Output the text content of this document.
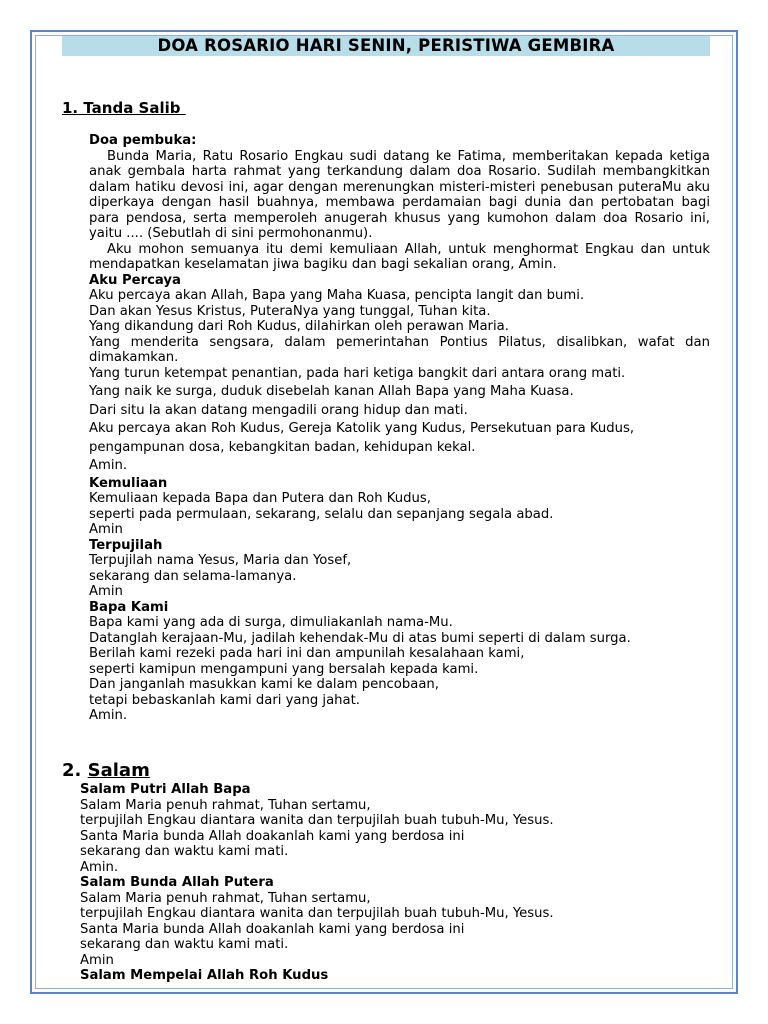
DOA ROSARIO HARI SENIN, PERISTIWA GEMBIRA
1. Tanda Salib
Doa pembuka:
Bunda Maria, Ratu Rosario Engkau sudi datang ke Fatima, memberitakan kepada ketiga anak gembala harta rahmat yang terkandung dalam doa Rosario. Sudilah membangkitkan dalam hatiku devosi ini, agar dengan merenungkan misteri-misteri penebusan puteraMu aku diperkaya dengan hasil buahnya, membawa perdamaian bagi dunia dan pertobatan bagi para pendosa, serta memperoleh anugerah khusus yang kumohon dalam doa Rosario ini, yaitu .... (Sebutlah di sini permohonanmu).
Aku mohon semuanya itu demi kemuliaan Allah, untuk menghormat Engkau dan untuk mendapatkan keselamatan jiwa bagiku dan bagi sekalian orang, Amin.
Aku Percaya
Aku percaya akan Allah, Bapa yang Maha Kuasa, pencipta langit dan bumi.
Dan akan Yesus Kristus, PuteraNya yang tunggal, Tuhan kita.
Yang dikandung dari Roh Kudus, dilahirkan oleh perawan Maria.
Yang menderita sengsara, dalam pemerintahan Pontius Pilatus, disalibkan, wafat dan dimakamkan.
Yang turun ketempat penantian, pada hari ketiga bangkit dari antara orang mati.
Yang naik ke surga, duduk disebelah kanan Allah Bapa yang Maha Kuasa.
Dari situ Ia akan datang mengadili orang hidup dan mati.
Aku percaya akan Roh Kudus, Gereja Katolik yang Kudus, Persekutuan para Kudus,
pengampunan dosa, kebangkitan badan, kehidupan kekal.
Amin.
Kemuliaan
Kemuliaan kepada Bapa dan Putera dan Roh Kudus,
seperti pada permulaan, sekarang, selalu dan sepanjang segala abad.
Amin
Terpujilah
Terpujilah nama Yesus, Maria dan Yosef,
sekarang dan selama-lamanya.
Amin
Bapa Kami
Bapa kami yang ada di surga, dimuliakanlah nama-Mu.
Datanglah kerajaan-Mu, jadilah kehendak-Mu di atas bumi seperti di dalam surga.
Berilah kami rezeki pada hari ini dan ampunilah kesalahaan kami,
seperti kamipun mengampuni yang bersalah kepada kami.
Dan janganlah masukkan kami ke dalam pencobaan,
tetapi bebaskanlah kami dari yang jahat.
Amin.
2. Salam
Salam Putri Allah Bapa
Salam Maria penuh rahmat, Tuhan sertamu,
terpujilah Engkau diantara wanita dan terpujilah buah tubuh-Mu, Yesus.
Santa Maria bunda Allah doakanlah kami yang berdosa ini
sekarang dan waktu kami mati.
Amin.
Salam Bunda Allah Putera
Salam Maria penuh rahmat, Tuhan sertamu,
terpujilah Engkau diantara wanita dan terpujilah buah tubuh-Mu, Yesus.
Santa Maria bunda Allah doakanlah kami yang berdosa ini
sekarang dan waktu kami mati.
Amin
Salam Mempelai Allah Roh Kudus
